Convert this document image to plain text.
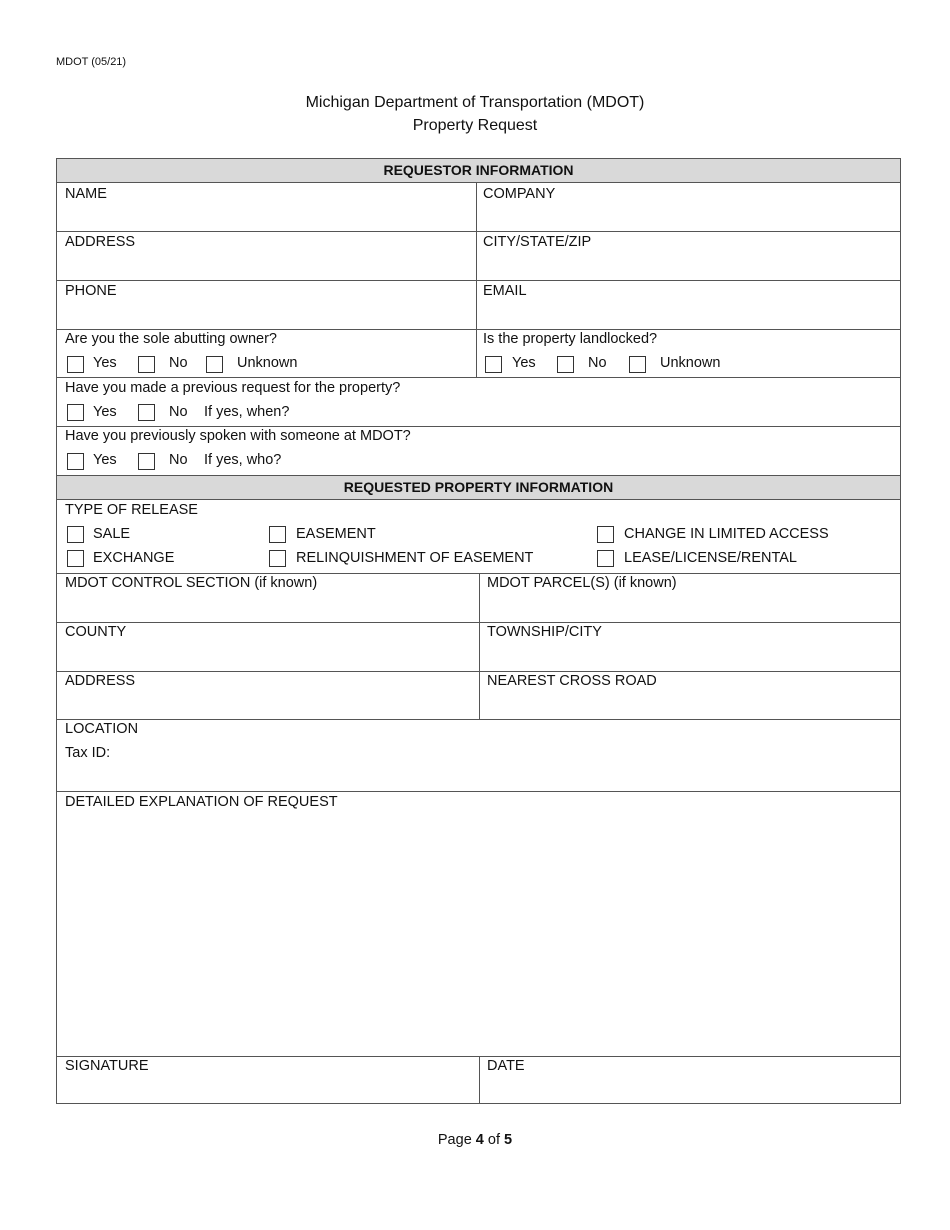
MDOT (05/21)
Michigan Department of Transportation (MDOT)
Property Request
REQUESTOR INFORMATION
NAME	COMPANY
ADDRESS	CITY/STATE/ZIP
PHONE	EMAIL
Are you the sole abutting owner?
Yes	No	Unknown
Is the property landlocked?
Yes	No	Unknown
Have you made a previous request for the property?
Yes	No If yes, when?
Have you previously spoken with someone at MDOT?
Yes	No If yes, who?
REQUESTED PROPERTY INFORMATION
TYPE OF RELEASE
SALE	EASEMENT	CHANGE IN LIMITED ACCESS
EXCHANGE	RELINQUISHMENT OF EASEMENT	LEASE/LICENSE/RENTAL
MDOT CONTROL SECTION (if known)	MDOT PARCEL(S) (if known)
COUNTY	TOWNSHIP/CITY
ADDRESS	NEAREST CROSS ROAD
LOCATION
Tax ID:
DETAILED EXPLANATION OF REQUEST
SIGNATURE	DATE
Page 4 of 5
